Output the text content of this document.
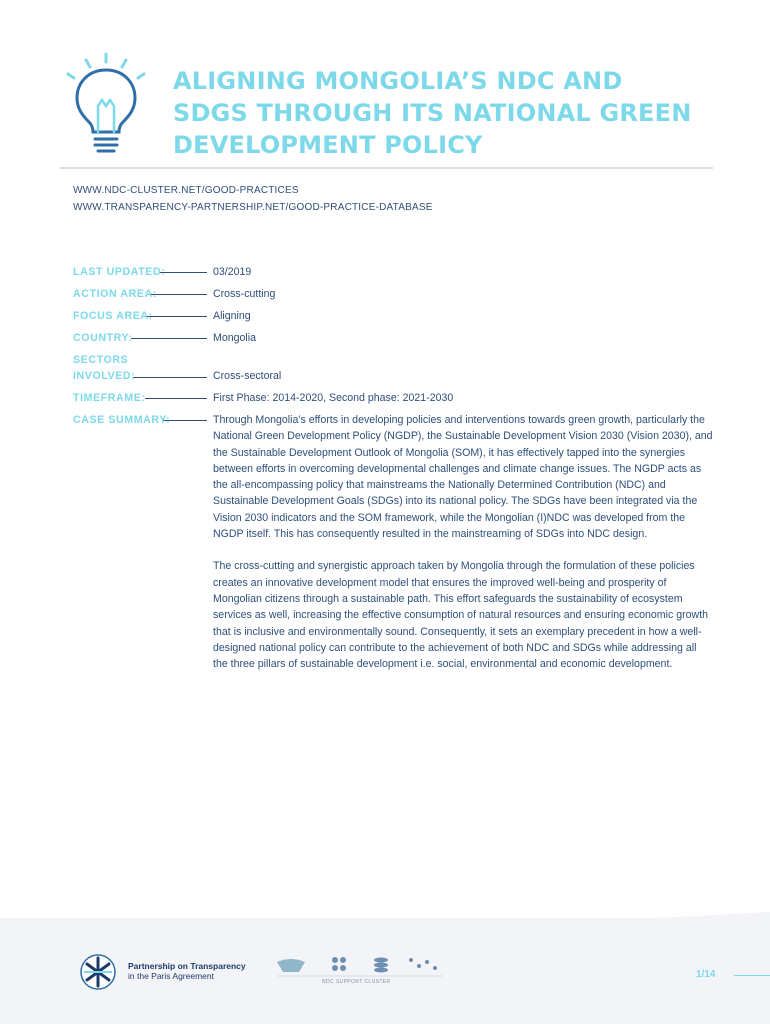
ALIGNING MONGOLIA’S NDC AND
SDGS THROUGH ITS NATIONAL GREEN
DEVELOPMENT POLICY
WWW.NDC-CLUSTER.NET/GOOD-PRACTICES
WWW.TRANSPARENCY-PARTNERSHIP.NET/GOOD-PRACTICE-DATABASE
LAST UPDATED:	03/2019
ACTION AREA:	Cross-cutting
FOCUS AREA:	Aligning
COUNTRY:	Mongolia
SECTORS
INVOLVED:	Cross-sectoral
TIMEFRAME:	First Phase: 2014-2020, Second phase: 2021-2030
CASE SUMMARY:	Through Mongolia’s efforts in developing policies and interventions towards green growth, particularly the National Green Development Policy (NGDP), the Sustainable Development Vision 2030 (Vision 2030), and the Sustainable Development Outlook of Mongolia (SOM), it has effectively tapped into the synergies between efforts in overcoming developmental challenges and climate change issues. The NGDP acts as the all-encompassing policy that mainstreams the Nationally Determined Contribution (NDC) and Sustainable Development Goals (SDGs) into its national policy. The SDGs have been integrated via the Vision 2030 indicators and the SOM framework, while the Mongolian (I)NDC was developed from the NGDP itself. This has consequently resulted in the mainstreaming of SDGs into NDC design.

The cross-cutting and synergistic approach taken by Mongolia through the formulation of these policies creates an innovative development model that ensures the improved well-being and prosperity of Mongolian citizens through a sustainable path. This effort safeguards the sustainability of ecosystem services as well, increasing the effective consumption of natural resources and ensuring economic growth that is inclusive and environmentally sound. Consequently, it sets an exemplary precedent in how a well-designed national policy can contribute to the achievement of both NDC and SDGs while addressing all the three pillars of sustainable development i.e. social, environmental and economic development.

Partnership on Transparency
in the Paris Agreement
NDC SUPPORT CLUSTER
1/14
